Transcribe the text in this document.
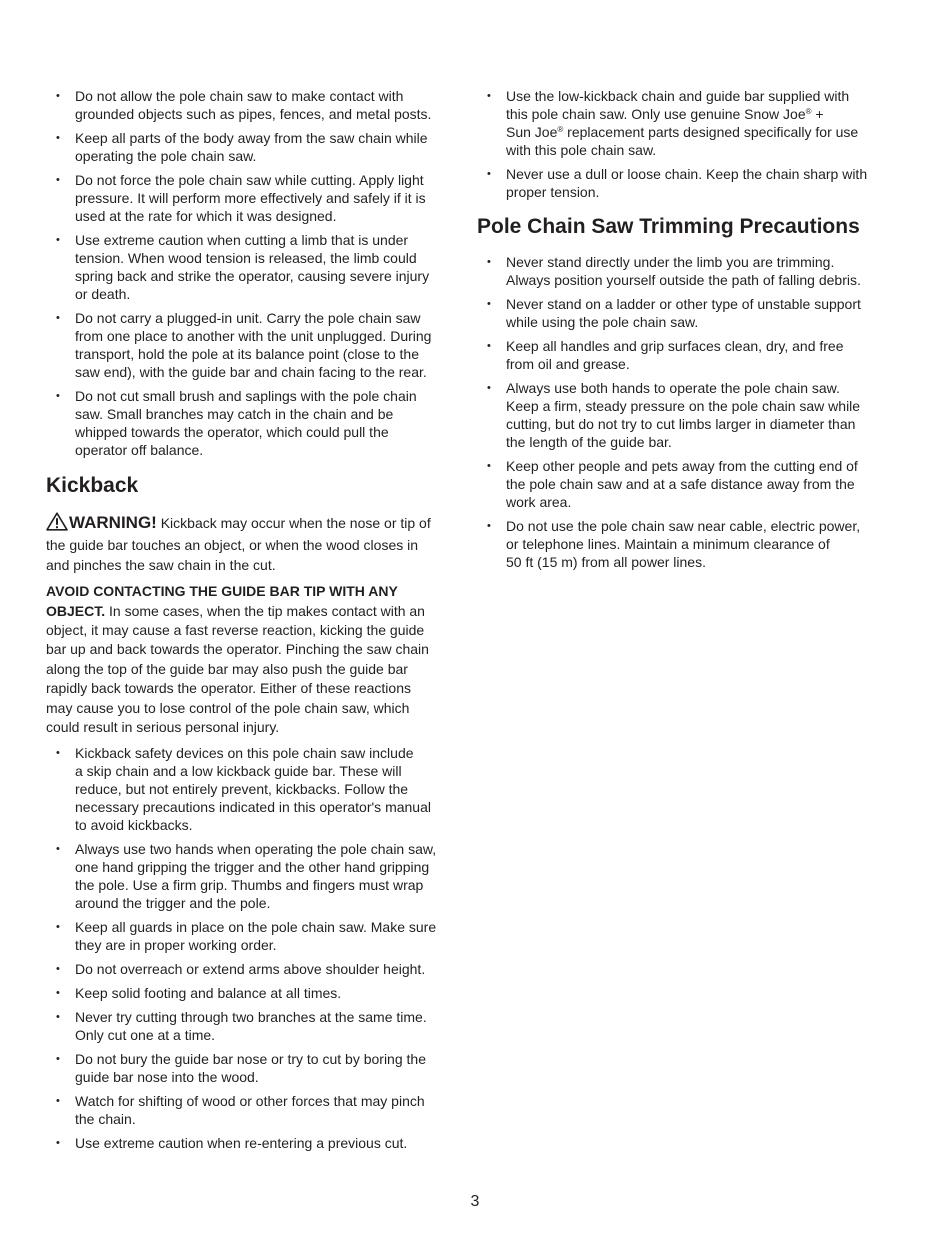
• Do not allow the pole chain saw to make contact with
grounded objects such as pipes, fences, and metal posts.
• Keep all parts of the body away from the saw chain while
operating the pole chain saw.
• Do not force the pole chain saw while cutting. Apply light
pressure. It will perform more effectively and safely if it is
used at the rate for which it was designed.
• Use extreme caution when cutting a limb that is under
tension. When wood tension is released, the limb could
spring back and strike the operator, causing severe injury
or death.
• Do not carry a plugged-in unit. Carry the pole chain saw
from one place to another with the unit unplugged. During
transport, hold the pole at its balance point (close to the
saw end), with the guide bar and chain facing to the rear.
• Do not cut small brush and saplings with the pole chain
saw. Small branches may catch in the chain and be
whipped towards the operator, which could pull the
operator off balance.
Kickback

WARNING! Kickback may occur when the nose or tip of
the guide bar touches an object, or when the wood closes in
and pinches the saw chain in the cut.

AVOID CONTACTING THE GUIDE BAR TIP WITH ANY
OBJECT. In some cases, when the tip makes contact with an
object, it may cause a fast reverse reaction, kicking the guide
bar up and back towards the operator. Pinching the saw chain
along the top of the guide bar may also push the guide bar
rapidly back towards the operator. Either of these reactions
may cause you to lose control of the pole chain saw, which
could result in serious personal injury.

• Kickback safety devices on this pole chain saw include
a skip chain and a low kickback guide bar. These will
reduce, but not entirely prevent, kickbacks. Follow the
necessary precautions indicated in this operator's manual
to avoid kickbacks.
• Always use two hands when operating the pole chain saw,
one hand gripping the trigger and the other hand gripping
the pole. Use a firm grip. Thumbs and fingers must wrap
around the trigger and the pole.
• Keep all guards in place on the pole chain saw. Make sure
they are in proper working order.
• Do not overreach or extend arms above shoulder height.
• Keep solid footing and balance at all times.
• Never try cutting through two branches at the same time.
Only cut one at a time.
• Do not bury the guide bar nose or try to cut by boring the
guide bar nose into the wood.
• Watch for shifting of wood or other forces that may pinch
the chain.
• Use extreme caution when re-entering a previous cut.
• Use the low-kickback chain and guide bar supplied with
this pole chain saw. Only use genuine Snow Joe® +
Sun Joe® replacement parts designed specifically for use
with this pole chain saw.
• Never use a dull or loose chain. Keep the chain sharp with
proper tension.
Pole Chain Saw Trimming Precautions
• Never stand directly under the limb you are trimming.
Always position yourself outside the path of falling debris.
• Never stand on a ladder or other type of unstable support
while using the pole chain saw.
• Keep all handles and grip surfaces clean, dry, and free
from oil and grease.
• Always use both hands to operate the pole chain saw.
Keep a firm, steady pressure on the pole chain saw while
cutting, but do not try to cut limbs larger in diameter than
the length of the guide bar.
• Keep other people and pets away from the cutting end of
the pole chain saw and at a safe distance away from the
work area.
• Do not use the pole chain saw near cable, electric power,
or telephone lines. Maintain a minimum clearance of
50 ft (15 m) from all power lines.
3
